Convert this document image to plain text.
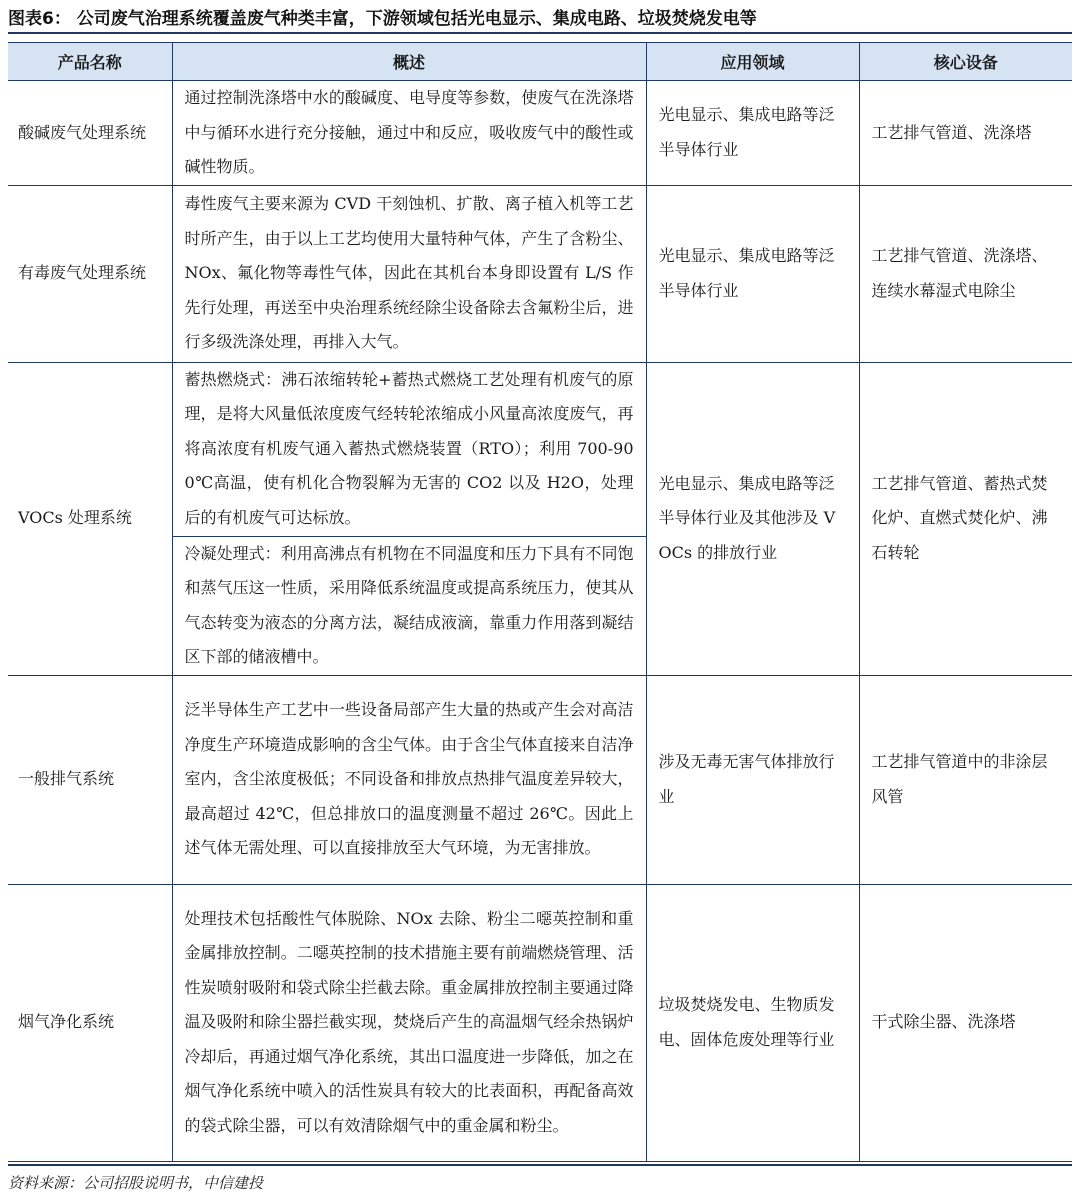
图表6： 公司废气治理系统覆盖废气种类丰富，下游领域包括光电显示、集成电路、垃圾焚烧发电等
产品名称	概述	应用领域	核心设备
酸碱废气处理系统	通过控制洗涤塔中水的酸碱度、电导度等参数，使废气在洗涤塔中与循环水进行充分接触，通过中和反应，吸收废气中的酸性或碱性物质。	光电显示、集成电路等泛半导体行业	工艺排气管道、洗涤塔
有毒废气处理系统	毒性废气主要来源为 CVD 干刻蚀机、扩散、离子植入机等工艺时所产生，由于以上工艺均使用大量特种气体，产生了含粉尘、NOx、氟化物等毒性气体，因此在其机台本身即设置有 L/S 作先行处理，再送至中央治理系统经除尘设备除去含氟粉尘后，进行多级洗涤处理，再排入大气。	光电显示、集成电路等泛半导体行业	工艺排气管道、洗涤塔、连续水幕湿式电除尘
VOCs 处理系统	蓄热燃烧式：沸石浓缩转轮+蓄热式燃烧工艺处理有机废气的原理，是将大风量低浓度废气经转轮浓缩成小风量高浓度废气，再将高浓度有机废气通入蓄热式燃烧装置（RTO）；利用 700-900℃高温，使有机化合物裂解为无害的 CO2 以及 H2O，处理后的有机废气可达标放。	光电显示、集成电路等泛半导体行业及其他涉及 VOCs 的排放行业	工艺排气管道、蓄热式焚化炉、直燃式焚化炉、沸石转轮
	冷凝处理式：利用高沸点有机物在不同温度和压力下具有不同饱和蒸气压这一性质，采用降低系统温度或提高系统压力，使其从气态转变为液态的分离方法，凝结成液滴，靠重力作用落到凝结区下部的储液槽中。		
一般排气系统	泛半导体生产工艺中一些设备局部产生大量的热或产生会对高洁净度生产环境造成影响的含尘气体。由于含尘气体直接来自洁净室内，含尘浓度极低；不同设备和排放点热排气温度差异较大，最高超过 42℃，但总排放口的温度测量不超过 26℃。因此上述气体无需处理、可以直接排放至大气环境，为无害排放。	涉及无毒无害气体排放行业	工艺排气管道中的非涂层风管
烟气净化系统	处理技术包括酸性气体脱除、NOx 去除、粉尘二噁英控制和重金属排放控制。二噁英控制的技术措施主要有前端燃烧管理、活性炭喷射吸附和袋式除尘拦截去除。重金属排放控制主要通过降温及吸附和除尘器拦截实现，焚烧后产生的高温烟气经余热锅炉冷却后，再通过烟气净化系统，其出口温度进一步降低，加之在烟气净化系统中喷入的活性炭具有较大的比表面积，再配备高效的袋式除尘器，可以有效清除烟气中的重金属和粉尘。	垃圾焚烧发电、生物质发电、固体危废处理等行业	干式除尘器、洗涤塔
资料来源：公司招股说明书，中信建投
